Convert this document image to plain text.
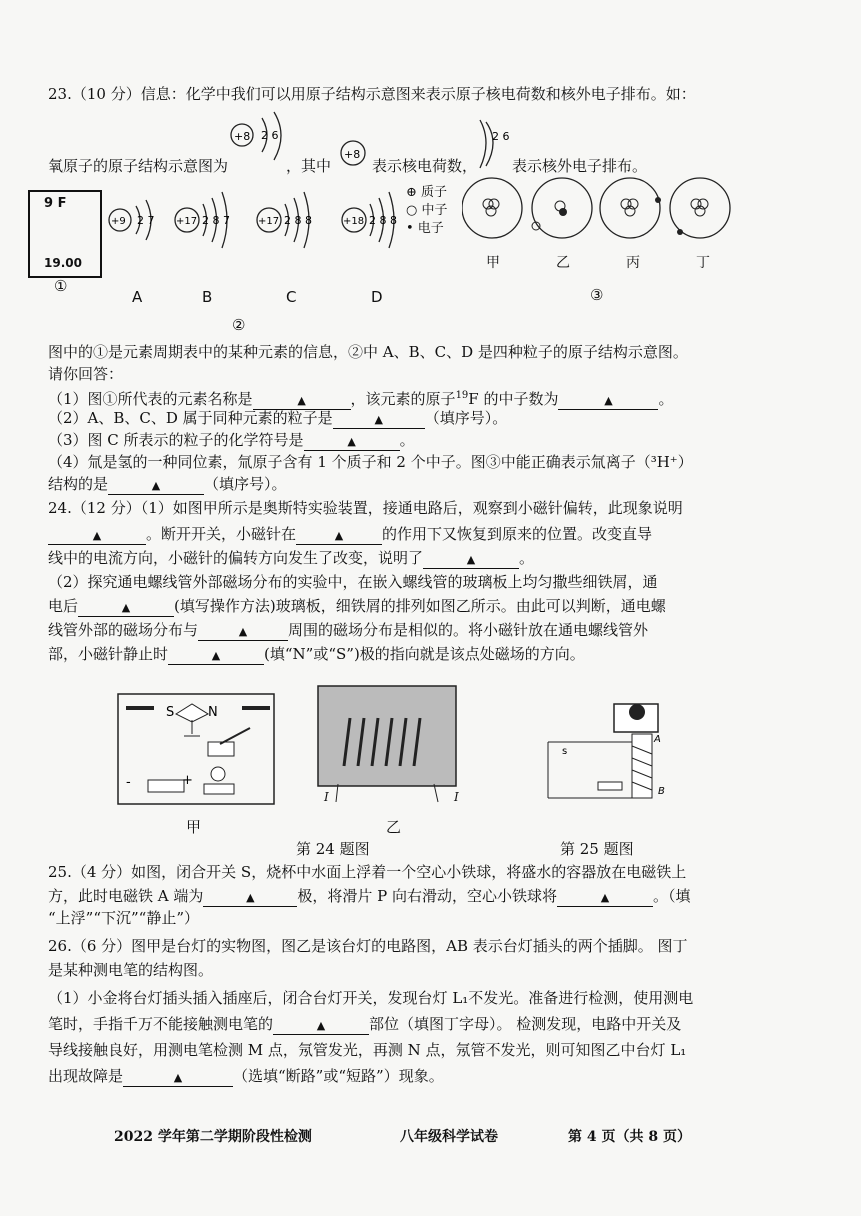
23.（10 分）信息：化学中我们可以用原子结构示意图来表示原子核电荷数和核外电子排布。如：
+8 2 6
氧原子的原子结构示意图为	，其中
+8
表示核电荷数，
2 6
表示核外电子排布。
9 F
19.00
①
+9 2 7 +17 2 8 7	+17 2 8 8	+18 2 8 8
A	B	C	D
②
⊕ 质子
○ 中子
• 电子
甲	乙	丙	丁
③
图中的①是元素周期表中的某种元素的信息，②中 A、B、C、D 是四种粒子的原子结构示意图。
请你回答：
（1）图①所代表的元素名称是	▲	，该元素的原子$^{19}$F 的中子数为	▲	。
（2）A、B、C、D 属于同种元素的粒子是	▲	（填序号）。
（3）图 C 所表示的粒子的化学符号是	▲	。
（4）氚是氢的一种同位素，氚原子含有 1 个质子和 2 个中子。图③中能正确表示氚离子（³H⁺）
结构的是	▲	（填序号）。
24.（12 分）（1）如图甲所示是奥斯特实验装置，接通电路后，观察到小磁针偏转，此现象说明
▲	。断开开关，小磁针在	▲	的作用下又恢复到原来的位置。改变直导
线中的电流方向，小磁针的偏转方向发生了改变，说明了	▲	。
（2）探究通电螺线管外部磁场分布的实验中，在嵌入螺线管的玻璃板上均匀撒些细铁屑，通
电后	▲	(填写操作方法)玻璃板，细铁屑的排列如图乙所示。由此可以判断，通电螺
线管外部的磁场分布与	▲	周围的磁场分布是相似的。将小磁针放在通电螺线管外
部，小磁针静止时	▲	(填“N”或“S”)极的指向就是该点处磁场的方向。
S	N
-	+
甲
I	I
乙
A
B
s
第 24 题图	第 25 题图
25.（4 分）如图，闭合开关 S，烧杯中水面上浮着一个空心小铁球，将盛水的容器放在电磁铁上
方，此时电磁铁 A 端为	▲	极，将滑片 P 向右滑动，空心小铁球将	▲	。（填
“上浮”“下沉”“静止”）
26.（6 分）图甲是台灯的实物图，图乙是该台灯的电路图，AB 表示台灯插头的两个插脚。 图丁
是某种测电笔的结构图。
（1）小金将台灯插头插入插座后，闭合台灯开关，发现台灯 L₁不发光。准备进行检测，使用测电
笔时，手指千万不能接触测电笔的	▲	部位（填图丁字母）。 检测发现，电路中开关及
导线接触良好，用测电笔检测 M 点，氖管发光，再测 N 点，氖管不发光，则可知图乙中台灯 L₁
出现故障是	▲	（选填“断路”或“短路”）现象。
2022 学年第二学期阶段性检测	八年级科学试卷	第 4 页（共 8 页）
